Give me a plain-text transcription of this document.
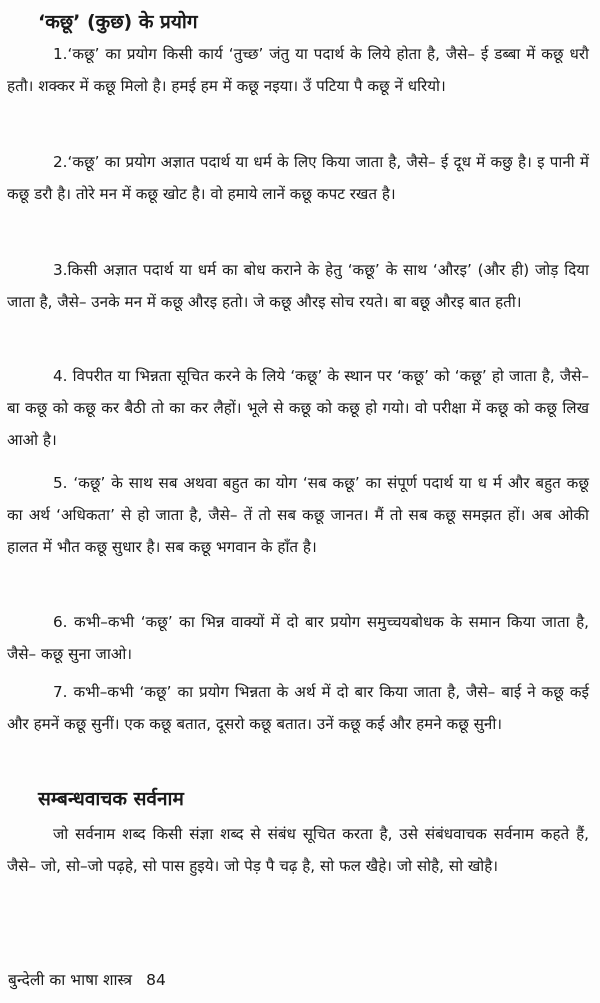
‘कछू’ (कुछ) के प्रयोग

1.‘कछू’ का प्रयोग किसी कार्य ‘तुच्छ’ जंतु या पदार्थ के लिये होता है, जैसे– ई डब्बा में कछू धरौ हतौ। शक्कर में कछू मिलो है। हमई हम में कछू नइया। उँ पटिया पै कछू नें धरियो।

2.‘कछू’ का प्रयोग अज्ञात पदार्थ या धर्म के लिए किया जाता है, जैसे– ई दूध में कछु है। इ पानी में कछू डरौ है। तोरे मन में कछू खोट है। वो हमाये लानें कछू कपट रखत है।

3.किसी अज्ञात पदार्थ या धर्म का बोध कराने के हेतु ‘कछू’ के साथ ‘औरइ’ (और ही) जोड़ दिया जाता है, जैसे– उनके मन में कछू औरइ हतो। जे कछू औरइ सोच रयते। बा बछू औरइ बात हती।

4. विपरीत या भिन्नता सूचित करने के लिये ‘कछू’ के स्थान पर ‘कछू’ को ‘कछू’ हो जाता है, जैसे– बा कछू को कछू कर बैठी तो का कर लैहों। भूले से कछू को कछू हो गयो। वो परीक्षा में कछू को कछू लिख आओ है।

5. ‘कछू’ के साथ सब अथवा बहुत का योग ‘सब कछू’ का संपूर्ण पदार्थ या ध र्म और बहुत कछू का अर्थ ‘अधिकता’ से हो जाता है, जैसे– तें तो सब कछू जानत। मैं तो सब कछू समझत हों। अब ओकी हालत में भौत कछू सुधार है। सब कछू भगवान के हाँत है।

6. कभी–कभी ‘कछू’ का भिन्न वाक्यों में दो बार प्रयोग समुच्चयबोधक के समान किया जाता है, जैसे– कछू सुना जाओ।

7. कभी–कभी ‘कछू’ का प्रयोग भिन्नता के अर्थ में दो बार किया जाता है, जैसे– बाई ने कछू कई और हमनें कछू सुनीं। एक कछू बतात, दूसरो कछू बतात। उनें कछू कई और हमने कछू सुनी।

सम्बन्धवाचक सर्वनाम

जो सर्वनाम शब्द किसी संज्ञा शब्द से संबंध सूचित करता है, उसे संबंधवाचक सर्वनाम कहते हैं, जैसे– जो, सो–जो पढ़हे, सो पास हुइये। जो पेड़ पै चढ़ है, सो फल खैहे। जो सोहै, सो खोहै।

बुन्देली का भाषा शास्त्र 84
